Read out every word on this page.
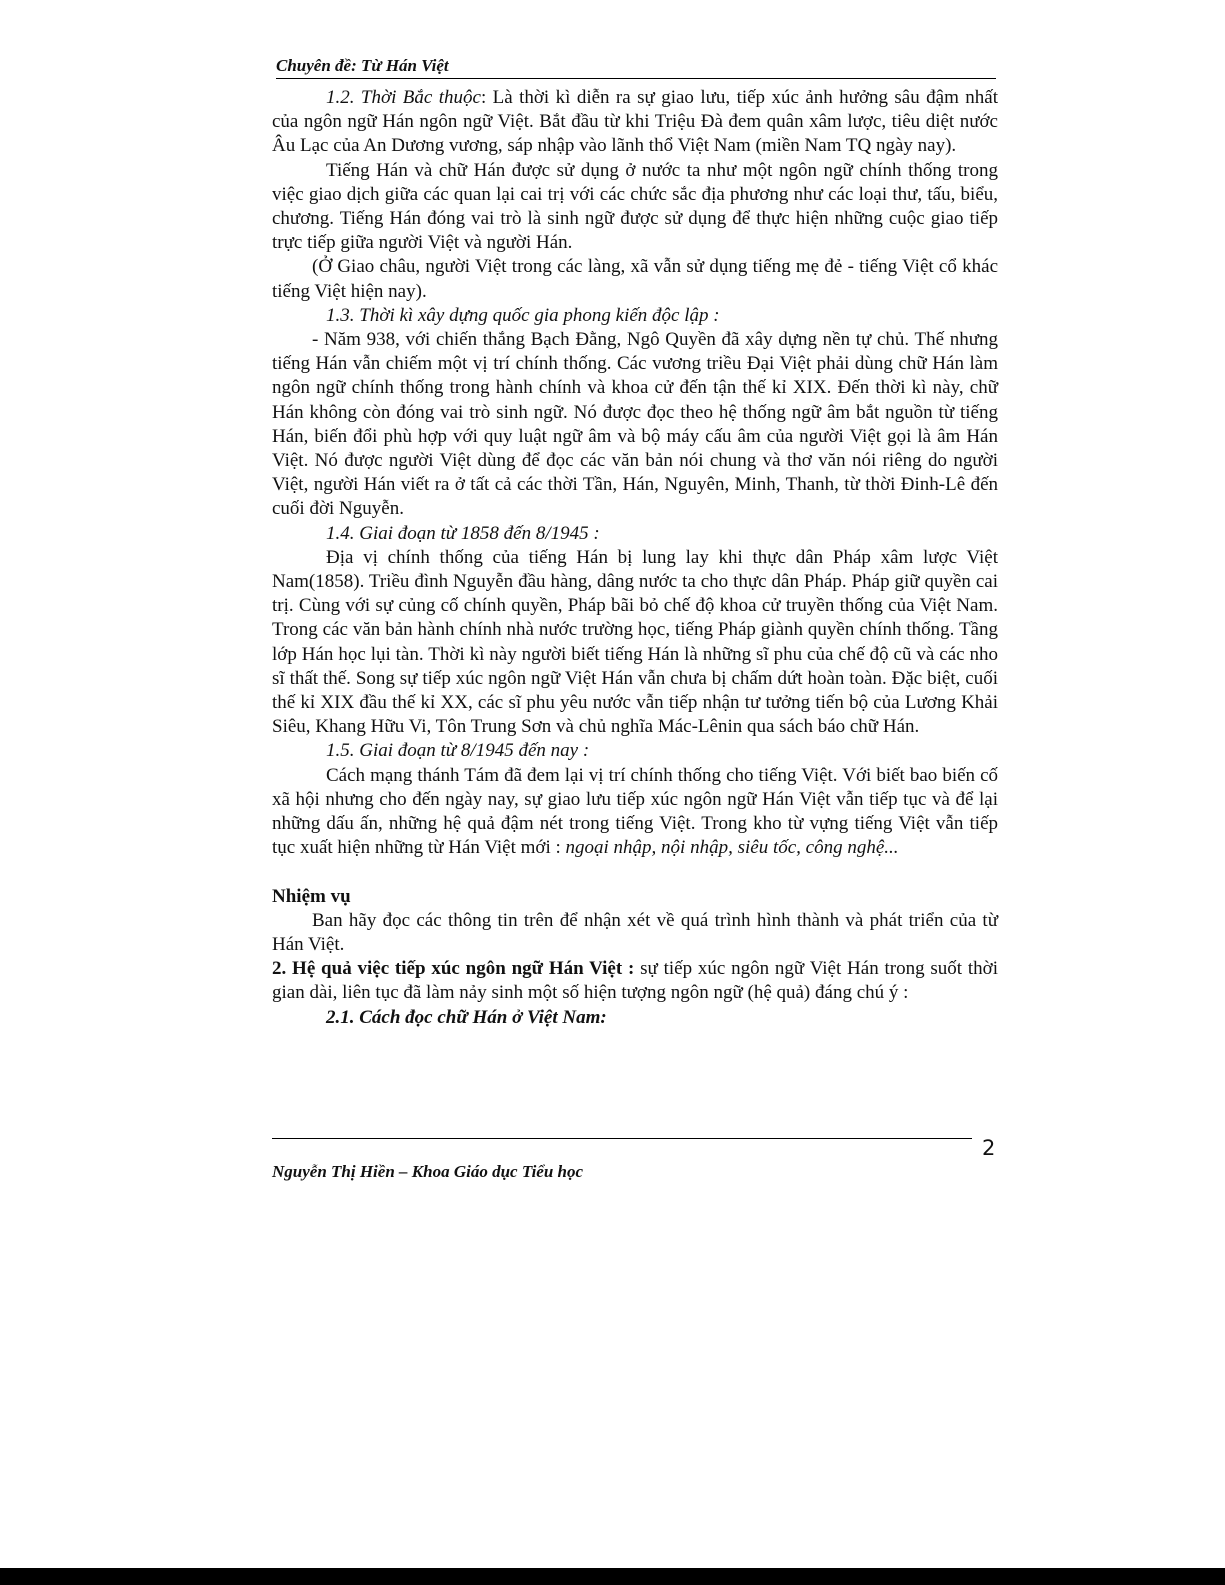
Chuyên đề: Từ Hán Việt

1.2. Thời Bắc thuộc: Là thời kì diễn ra sự giao lưu, tiếp xúc ảnh hưởng sâu đậm nhất của ngôn ngữ Hán ngôn ngữ Việt. Bắt đầu từ khi Triệu Đà đem quân xâm lược, tiêu diệt nước Âu Lạc của An Dương vương, sáp nhập vào lãnh thổ Việt Nam (miền Nam TQ ngày nay).

Tiếng Hán và chữ Hán được sử dụng ở nước ta như một ngôn ngữ chính thống trong việc giao dịch giữa các quan lại cai trị với các chức sắc địa phương như các loại thư, tấu, biểu, chương. Tiếng Hán đóng vai trò là sinh ngữ được sử dụng để thực hiện những cuộc giao tiếp trực tiếp giữa người Việt và người Hán.

(Ở Giao châu, người Việt trong các làng, xã vẫn sử dụng tiếng mẹ đẻ - tiếng Việt cổ khác tiếng Việt hiện nay).

1.3. Thời kì xây dựng quốc gia phong kiến độc lập :

- Năm 938, với chiến thắng Bạch Đằng, Ngô Quyền đã xây dựng nền tự chủ. Thế nhưng tiếng Hán vẫn chiếm một vị trí chính thống. Các vương triều Đại Việt phải dùng chữ Hán làm ngôn ngữ chính thống trong hành chính và khoa cử đến tận thế kỉ XIX. Đến thời kì này, chữ Hán không còn đóng vai trò sinh ngữ. Nó được đọc theo hệ thống ngữ âm bắt nguồn từ tiếng Hán, biến đổi phù hợp với quy luật ngữ âm và bộ máy cấu âm của người Việt gọi là âm Hán Việt. Nó được người Việt dùng để đọc các văn bản nói chung và thơ văn nói riêng do người Việt, người Hán viết ra ở tất cả các thời Tần, Hán, Nguyên, Minh, Thanh, từ thời Đinh-Lê đến cuối đời Nguyễn.

1.4. Giai đoạn từ 1858 đến 8/1945 :

Địa vị chính thống của tiếng Hán bị lung lay khi thực dân Pháp xâm lược Việt Nam(1858). Triều đình Nguyễn đầu hàng, dâng nước ta cho thực dân Pháp. Pháp giữ quyền cai trị. Cùng với sự củng cố chính quyền, Pháp bãi bỏ chế độ khoa cử truyền thống của Việt Nam. Trong các văn bản hành chính nhà nước trường học, tiếng Pháp giành quyền chính thống. Tầng lớp Hán học lụi tàn. Thời kì này người biết tiếng Hán là những sĩ phu của chế độ cũ và các nho sĩ thất thế. Song sự tiếp xúc ngôn ngữ Việt Hán vẫn chưa bị chấm dứt hoàn toàn. Đặc biệt, cuối thế kỉ XIX đầu thế kỉ XX, các sĩ phu yêu nước vẫn tiếp nhận tư tưởng tiến bộ của Lương Khải Siêu, Khang Hữu Vi, Tôn Trung Sơn và chủ nghĩa Mác-Lênin qua sách báo chữ Hán.

1.5. Giai đoạn từ 8/1945 đến nay :

Cách mạng thánh Tám đã đem lại vị trí chính thống cho tiếng Việt. Với biết bao biến cố xã hội nhưng cho đến ngày nay, sự giao lưu tiếp xúc ngôn ngữ Hán Việt vẫn tiếp tục và để lại những dấu ấn, những hệ quả đậm nét trong tiếng Việt. Trong kho từ vựng tiếng Việt vẫn tiếp tục xuất hiện những từ Hán Việt mới : ngoại nhập, nội nhập, siêu tốc, công nghệ...

Nhiệm vụ

Ban hãy đọc các thông tin trên để nhận xét về quá trình hình thành và phát triển của từ Hán Việt.

2. Hệ quả việc tiếp xúc ngôn ngữ Hán Việt : sự tiếp xúc ngôn ngữ Việt Hán trong suốt thời gian dài, liên tục đã làm nảy sinh một số hiện tượng ngôn ngữ (hệ quả) đáng chú ý :

2.1. Cách đọc chữ Hán ở Việt Nam:

2
Nguyễn Thị Hiền – Khoa Giáo dục Tiểu học
